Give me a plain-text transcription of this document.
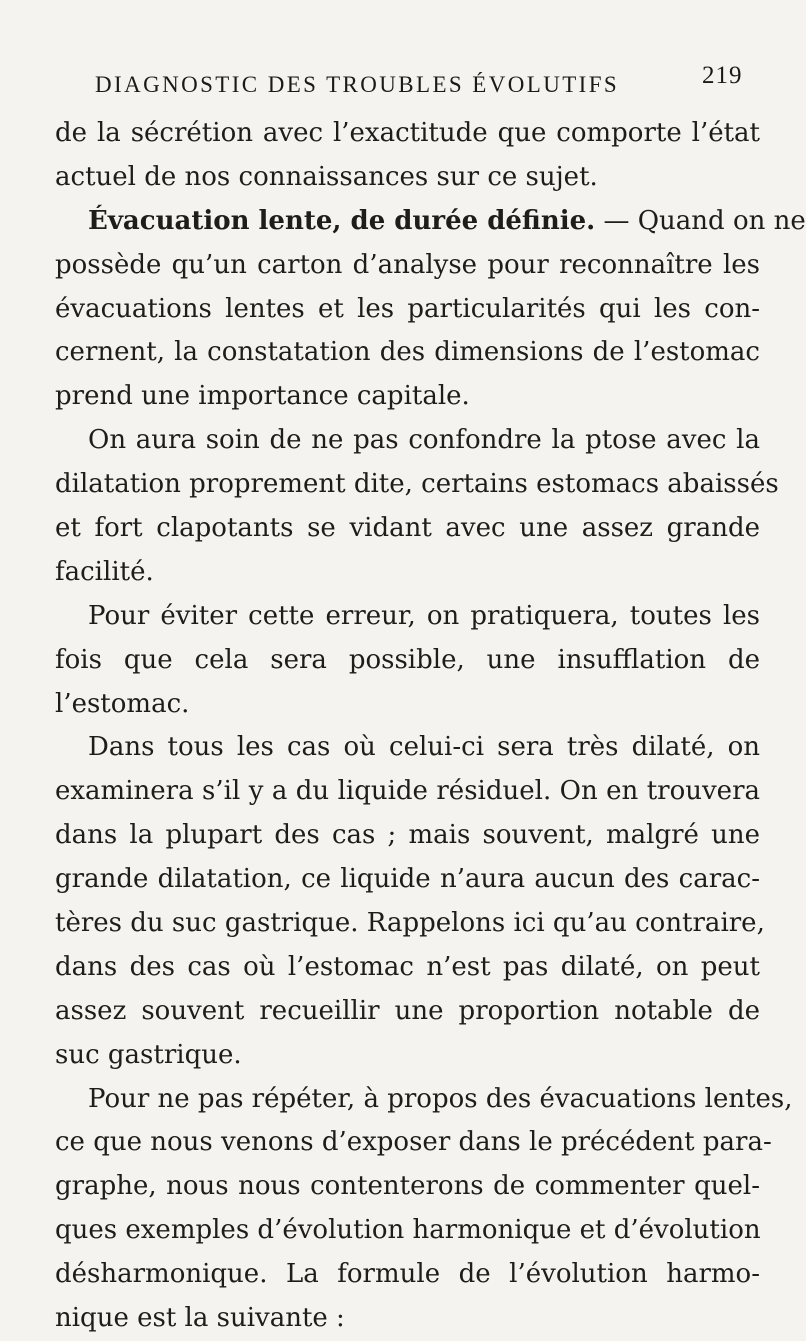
DIAGNOSTIC DES TROUBLES ÉVOLUTIFS	219
de la sécrétion avec l’exactitude que comporte l’état
actuel de nos connaissances sur ce sujet.
Évacuation lente, de durée définie. — Quand on ne
possède qu’un carton d’analyse pour reconnaître les
évacuations lentes et les particularités qui les con-
cernent, la constatation des dimensions de l’estomac
prend une importance capitale.
On aura soin de ne pas confondre la ptose avec la
dilatation proprement dite, certains estomacs abaissés
et fort clapotants se vidant avec une assez grande
facilité.
Pour éviter cette erreur, on pratiquera, toutes les
fois que cela sera possible, une insufflation de
l’estomac.
Dans tous les cas où celui-ci sera très dilaté, on
examinera s’il y a du liquide résiduel. On en trouvera
dans la plupart des cas ; mais souvent, malgré une
grande dilatation, ce liquide n’aura aucun des carac-
tères du suc gastrique. Rappelons ici qu’au contraire,
dans des cas où l’estomac n’est pas dilaté, on peut
assez souvent recueillir une proportion notable de
suc gastrique.
Pour ne pas répéter, à propos des évacuations lentes,
ce que nous venons d’exposer dans le précédent para-
graphe, nous nous contenterons de commenter quel-
ques exemples d’évolution harmonique et d’évolution
désharmonique. La formule de l’évolution harmo-
nique est la suivante :
